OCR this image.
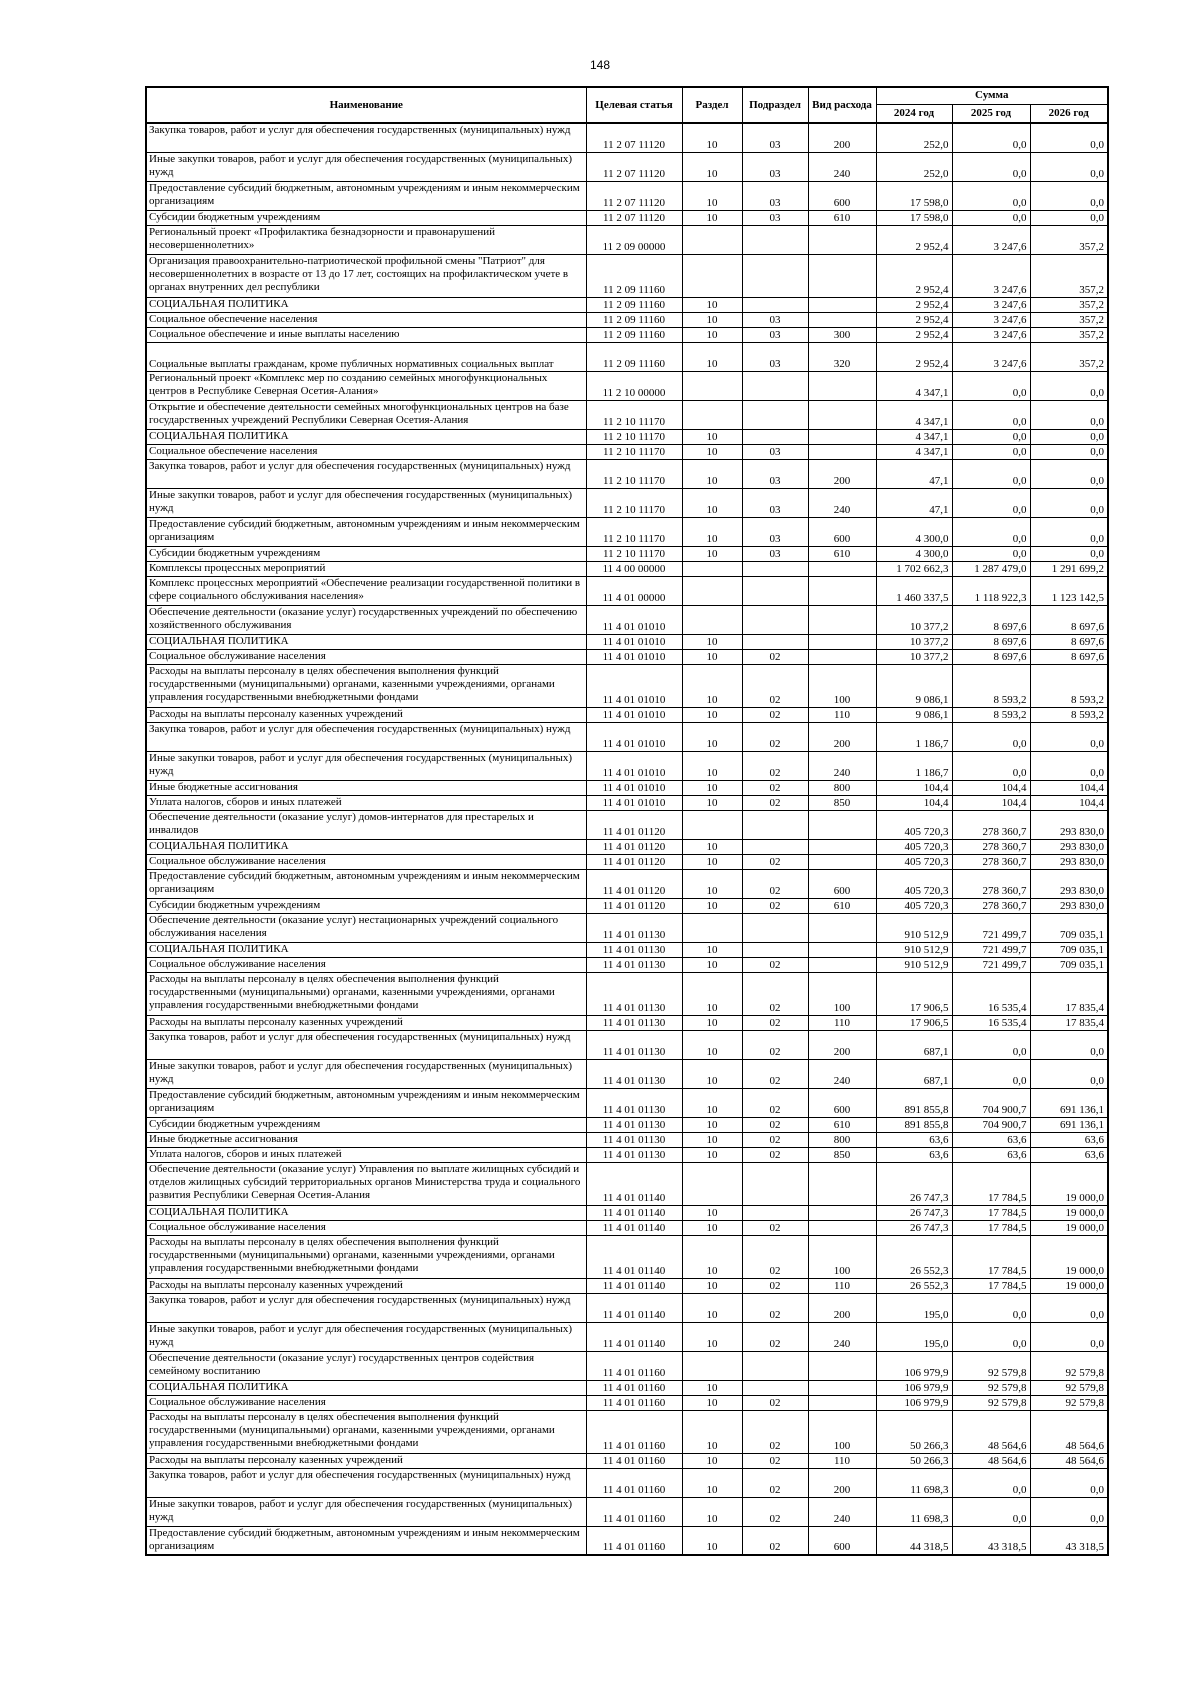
148
Наименование	Целевая статья	Раздел	Подраздел	Вид расхода	Сумма		
					2024 год	2025 год	2026 год
Закупка товаров, работ и услуг для обеспечения государственных (муниципальных) нужд	11 2 07 11120	10	03	200	252,0	0,0	0,0
Иные закупки товаров, работ и услуг для обеспечения государственных (муниципальных) нужд	11 2 07 11120	10	03	240	252,0	0,0	0,0
Предоставление субсидий бюджетным, автономным учреждениям и иным некоммерческим организациям	11 2 07 11120	10	03	600	17 598,0	0,0	0,0
Субсидии бюджетным учреждениям	11 2 07 11120	10	03	610	17 598,0	0,0	0,0
Региональный проект «Профилактика безнадзорности и правонарушений несовершеннолетних»	11 2 09 00000				2 952,4	3 247,6	357,2
Организация правоохранительно-патриотической профильной смены "Патриот" для несовершеннолетних в возрасте от 13 до 17 лет, состоящих на профилактическом учете в органах внутренних дел республики	11 2 09 11160				2 952,4	3 247,6	357,2
СОЦИАЛЬНАЯ ПОЛИТИКА	11 2 09 11160	10			2 952,4	3 247,6	357,2
Социальное обеспечение населения	11 2 09 11160	10	03		2 952,4	3 247,6	357,2
Социальное обеспечение и иные выплаты населению	11 2 09 11160	10	03	300	2 952,4	3 247,6	357,2
Социальные выплаты гражданам, кроме публичных нормативных социальных выплат	11 2 09 11160	10	03	320	2 952,4	3 247,6	357,2
Региональный проект «Комплекс мер по созданию семейных многофункциональных центров в Республике Северная Осетия-Алания»	11 2 10 00000				4 347,1	0,0	0,0
Открытие и обеспечение деятельности семейных многофункциональных центров на базе государственных учреждений Республики Северная Осетия-Алания	11 2 10 11170				4 347,1	0,0	0,0
СОЦИАЛЬНАЯ ПОЛИТИКА	11 2 10 11170	10			4 347,1	0,0	0,0
Социальное обеспечение населения	11 2 10 11170	10	03		4 347,1	0,0	0,0
Закупка товаров, работ и услуг для обеспечения государственных (муниципальных) нужд	11 2 10 11170	10	03	200	47,1	0,0	0,0
Иные закупки товаров, работ и услуг для обеспечения государственных (муниципальных) нужд	11 2 10 11170	10	03	240	47,1	0,0	0,0
Предоставление субсидий бюджетным, автономным учреждениям и иным некоммерческим организациям	11 2 10 11170	10	03	600	4 300,0	0,0	0,0
Субсидии бюджетным учреждениям	11 2 10 11170	10	03	610	4 300,0	0,0	0,0
Комплексы процессных мероприятий	11 4 00 00000				1 702 662,3	1 287 479,0	1 291 699,2
Комплекс процессных мероприятий «Обеспечение реализации государственной политики в сфере социального обслуживания населения»	11 4 01 00000				1 460 337,5	1 118 922,3	1 123 142,5
Обеспечение деятельности (оказание услуг) государственных учреждений по обеспечению хозяйственного обслуживания	11 4 01 01010				10 377,2	8 697,6	8 697,6
СОЦИАЛЬНАЯ ПОЛИТИКА	11 4 01 01010	10			10 377,2	8 697,6	8 697,6
Социальное обслуживание населения	11 4 01 01010	10	02		10 377,2	8 697,6	8 697,6
Расходы на выплаты персоналу в целях обеспечения выполнения функций государственными (муниципальными) органами, казенными учреждениями, органами управления государственными внебюджетными фондами	11 4 01 01010	10	02	100	9 086,1	8 593,2	8 593,2
Расходы на выплаты персоналу казенных учреждений	11 4 01 01010	10	02	110	9 086,1	8 593,2	8 593,2
Закупка товаров, работ и услуг для обеспечения государственных (муниципальных) нужд	11 4 01 01010	10	02	200	1 186,7	0,0	0,0
Иные закупки товаров, работ и услуг для обеспечения государственных (муниципальных) нужд	11 4 01 01010	10	02	240	1 186,7	0,0	0,0
Иные бюджетные ассигнования	11 4 01 01010	10	02	800	104,4	104,4	104,4
Уплата налогов, сборов и иных платежей	11 4 01 01010	10	02	850	104,4	104,4	104,4
Обеспечение деятельности (оказание услуг) домов-интернатов для престарелых и инвалидов	11 4 01 01120				405 720,3	278 360,7	293 830,0
СОЦИАЛЬНАЯ ПОЛИТИКА	11 4 01 01120	10			405 720,3	278 360,7	293 830,0
Социальное обслуживание населения	11 4 01 01120	10	02		405 720,3	278 360,7	293 830,0
Предоставление субсидий бюджетным, автономным учреждениям и иным некоммерческим организациям	11 4 01 01120	10	02	600	405 720,3	278 360,7	293 830,0
Субсидии бюджетным учреждениям	11 4 01 01120	10	02	610	405 720,3	278 360,7	293 830,0
Обеспечение деятельности (оказание услуг) нестационарных учреждений социального обслуживания населения	11 4 01 01130				910 512,9	721 499,7	709 035,1
СОЦИАЛЬНАЯ ПОЛИТИКА	11 4 01 01130	10			910 512,9	721 499,7	709 035,1
Социальное обслуживание населения	11 4 01 01130	10	02		910 512,9	721 499,7	709 035,1
Расходы на выплаты персоналу в целях обеспечения выполнения функций государственными (муниципальными) органами, казенными учреждениями, органами управления государственными внебюджетными фондами	11 4 01 01130	10	02	100	17 906,5	16 535,4	17 835,4
Расходы на выплаты персоналу казенных учреждений	11 4 01 01130	10	02	110	17 906,5	16 535,4	17 835,4
Закупка товаров, работ и услуг для обеспечения государственных (муниципальных) нужд	11 4 01 01130	10	02	200	687,1	0,0	0,0
Иные закупки товаров, работ и услуг для обеспечения государственных (муниципальных) нужд	11 4 01 01130	10	02	240	687,1	0,0	0,0
Предоставление субсидий бюджетным, автономным учреждениям и иным некоммерческим организациям	11 4 01 01130	10	02	600	891 855,8	704 900,7	691 136,1
Субсидии бюджетным учреждениям	11 4 01 01130	10	02	610	891 855,8	704 900,7	691 136,1
Иные бюджетные ассигнования	11 4 01 01130	10	02	800	63,6	63,6	63,6
Уплата налогов, сборов и иных платежей	11 4 01 01130	10	02	850	63,6	63,6	63,6
Обеспечение деятельности (оказание услуг) Управления по выплате жилищных субсидий и отделов жилищных субсидий территориальных органов Министерства труда и социального развития Республики Северная Осетия-Алания	11 4 01 01140				26 747,3	17 784,5	19 000,0
СОЦИАЛЬНАЯ ПОЛИТИКА	11 4 01 01140	10			26 747,3	17 784,5	19 000,0
Социальное обслуживание населения	11 4 01 01140	10	02		26 747,3	17 784,5	19 000,0
Расходы на выплаты персоналу в целях обеспечения выполнения функций государственными (муниципальными) органами, казенными учреждениями, органами управления государственными внебюджетными фондами	11 4 01 01140	10	02	100	26 552,3	17 784,5	19 000,0
Расходы на выплаты персоналу казенных учреждений	11 4 01 01140	10	02	110	26 552,3	17 784,5	19 000,0
Закупка товаров, работ и услуг для обеспечения государственных (муниципальных) нужд	11 4 01 01140	10	02	200	195,0	0,0	0,0
Иные закупки товаров, работ и услуг для обеспечения государственных (муниципальных) нужд	11 4 01 01140	10	02	240	195,0	0,0	0,0
Обеспечение деятельности (оказание услуг) государственных центров содействия семейному воспитанию	11 4 01 01160				106 979,9	92 579,8	92 579,8
СОЦИАЛЬНАЯ ПОЛИТИКА	11 4 01 01160	10			106 979,9	92 579,8	92 579,8
Социальное обслуживание населения	11 4 01 01160	10	02		106 979,9	92 579,8	92 579,8
Расходы на выплаты персоналу в целях обеспечения выполнения функций государственными (муниципальными) органами, казенными учреждениями, органами управления государственными внебюджетными фондами	11 4 01 01160	10	02	100	50 266,3	48 564,6	48 564,6
Расходы на выплаты персоналу казенных учреждений	11 4 01 01160	10	02	110	50 266,3	48 564,6	48 564,6
Закупка товаров, работ и услуг для обеспечения государственных (муниципальных) нужд	11 4 01 01160	10	02	200	11 698,3	0,0	0,0
Иные закупки товаров, работ и услуг для обеспечения государственных (муниципальных) нужд	11 4 01 01160	10	02	240	11 698,3	0,0	0,0
Предоставление субсидий бюджетным, автономным учреждениям и иным некоммерческим организациям	11 4 01 01160	10	02	600	44 318,5	43 318,5	43 318,5
